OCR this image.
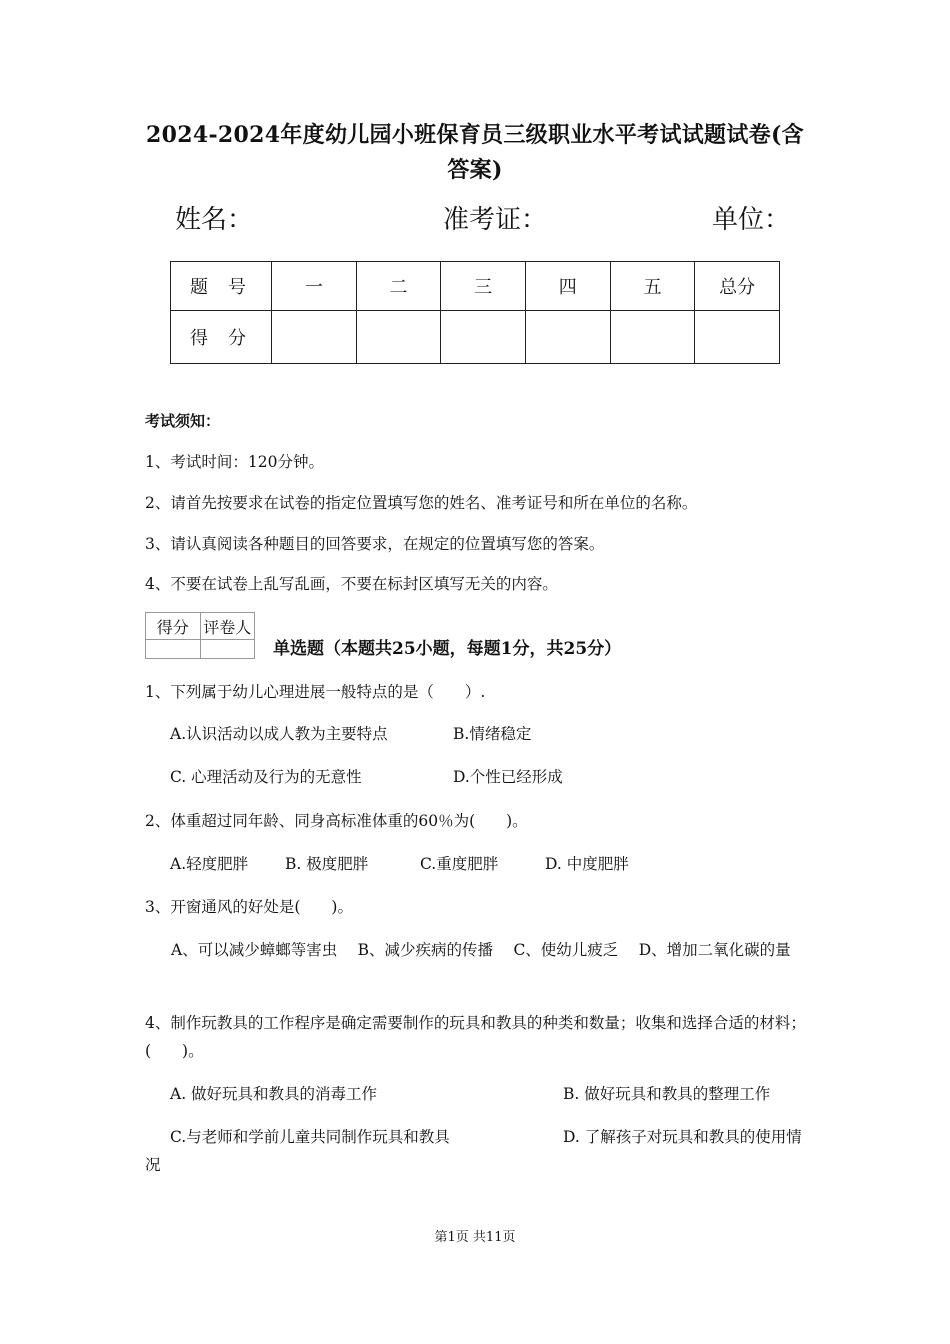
2024-2024年度幼儿园小班保育员三级职业水平考试试题试卷(含答案)
姓名：	准考证：	单位：
题号	一	二	三	四	五	总分
得分						
考试须知：
1、考试时间：120分钟。
2、请首先按要求在试卷的指定位置填写您的姓名、准考证号和所在单位的名称。
3、请认真阅读各种题目的回答要求，在规定的位置填写您的答案。
4、不要在试卷上乱写乱画，不要在标封区填写无关的内容。
得分	评卷人

单选题（本题共25小题，每题1分，共25分）
1、下列属于幼儿心理进展一般特点的是（　　）.
A.认识活动以成人教为主要特点	B.情绪稳定
C. 心理活动及行为的无意性	D.个性已经形成
2、体重超过同年龄、同身高标准体重的60％为(　　)。
A.轻度肥胖 B. 极度肥胖	C.重度肥胖	D. 中度肥胖
3、开窗通风的好处是(　　)。
A、可以减少蟑螂等害虫　 B、减少疾病的传播　 C、使幼儿疲乏　 D、增加二氧化碳的量
4、制作玩教具的工作程序是确定需要制作的玩具和教具的种类和数量；收集和选择合适的材料；(　　)。
A. 做好玩具和教具的消毒工作	B. 做好玩具和教具的整理工作
C.与老师和学前儿童共同制作玩具和教具	D. 了解孩子对玩具和教具的使用情况
第1页 共11页
